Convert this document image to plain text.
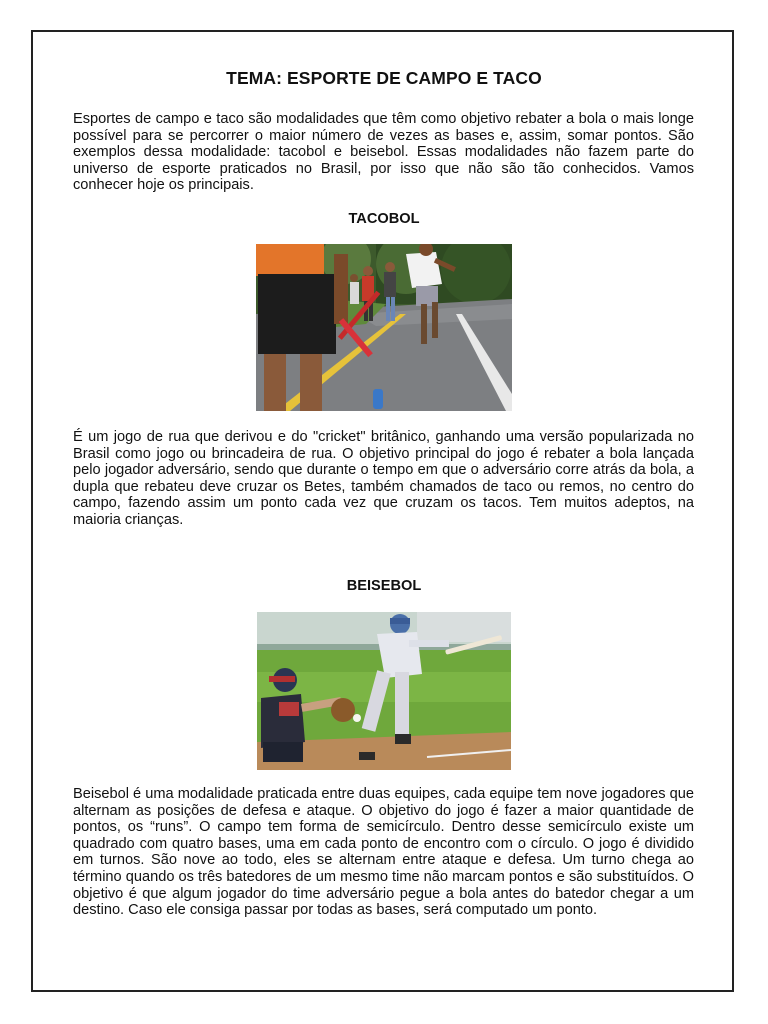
TEMA: ESPORTE DE CAMPO E TACO

Esportes de campo e taco são modalidades que têm como objetivo rebater a bola o mais longe possível para se percorrer o maior número de vezes as bases e, assim, somar pontos. São exemplos dessa modalidade: tacobol e beisebol. Essas modalidades não fazem parte do universo de esporte praticados no Brasil, por isso que não são tão conhecidos. Vamos conhecer hoje os principais.

TACOBOL

É um jogo de rua que derivou e do "cricket" britânico, ganhando uma versão popularizada no Brasil como jogo ou brincadeira de rua. O objetivo principal do jogo é rebater a bola lançada pelo jogador adversário, sendo que durante o tempo em que o adversário corre atrás da bola, a dupla que rebateu deve cruzar os Betes, também chamados de taco ou remos, no centro do campo, fazendo assim um ponto cada vez que cruzam os tacos. Tem muitos adeptos, na maioria crianças.

BEISEBOL

Beisebol é uma modalidade praticada entre duas equipes, cada equipe tem nove jogadores que alternam as posições de defesa e ataque. O objetivo do jogo é fazer a maior quantidade de pontos, os “runs”. O campo tem forma de semicírculo. Dentro desse semicírculo existe um quadrado com quatro bases, uma em cada ponto de encontro com o círculo. O jogo é dividido em turnos. São nove ao todo, eles se alternam entre ataque e defesa. Um turno chega ao término quando os três batedores de um mesmo time não marcam pontos e são substituídos. O objetivo é que algum jogador do time adversário pegue a bola antes do batedor chegar a um destino. Caso ele consiga passar por todas as bases, será computado um ponto.
